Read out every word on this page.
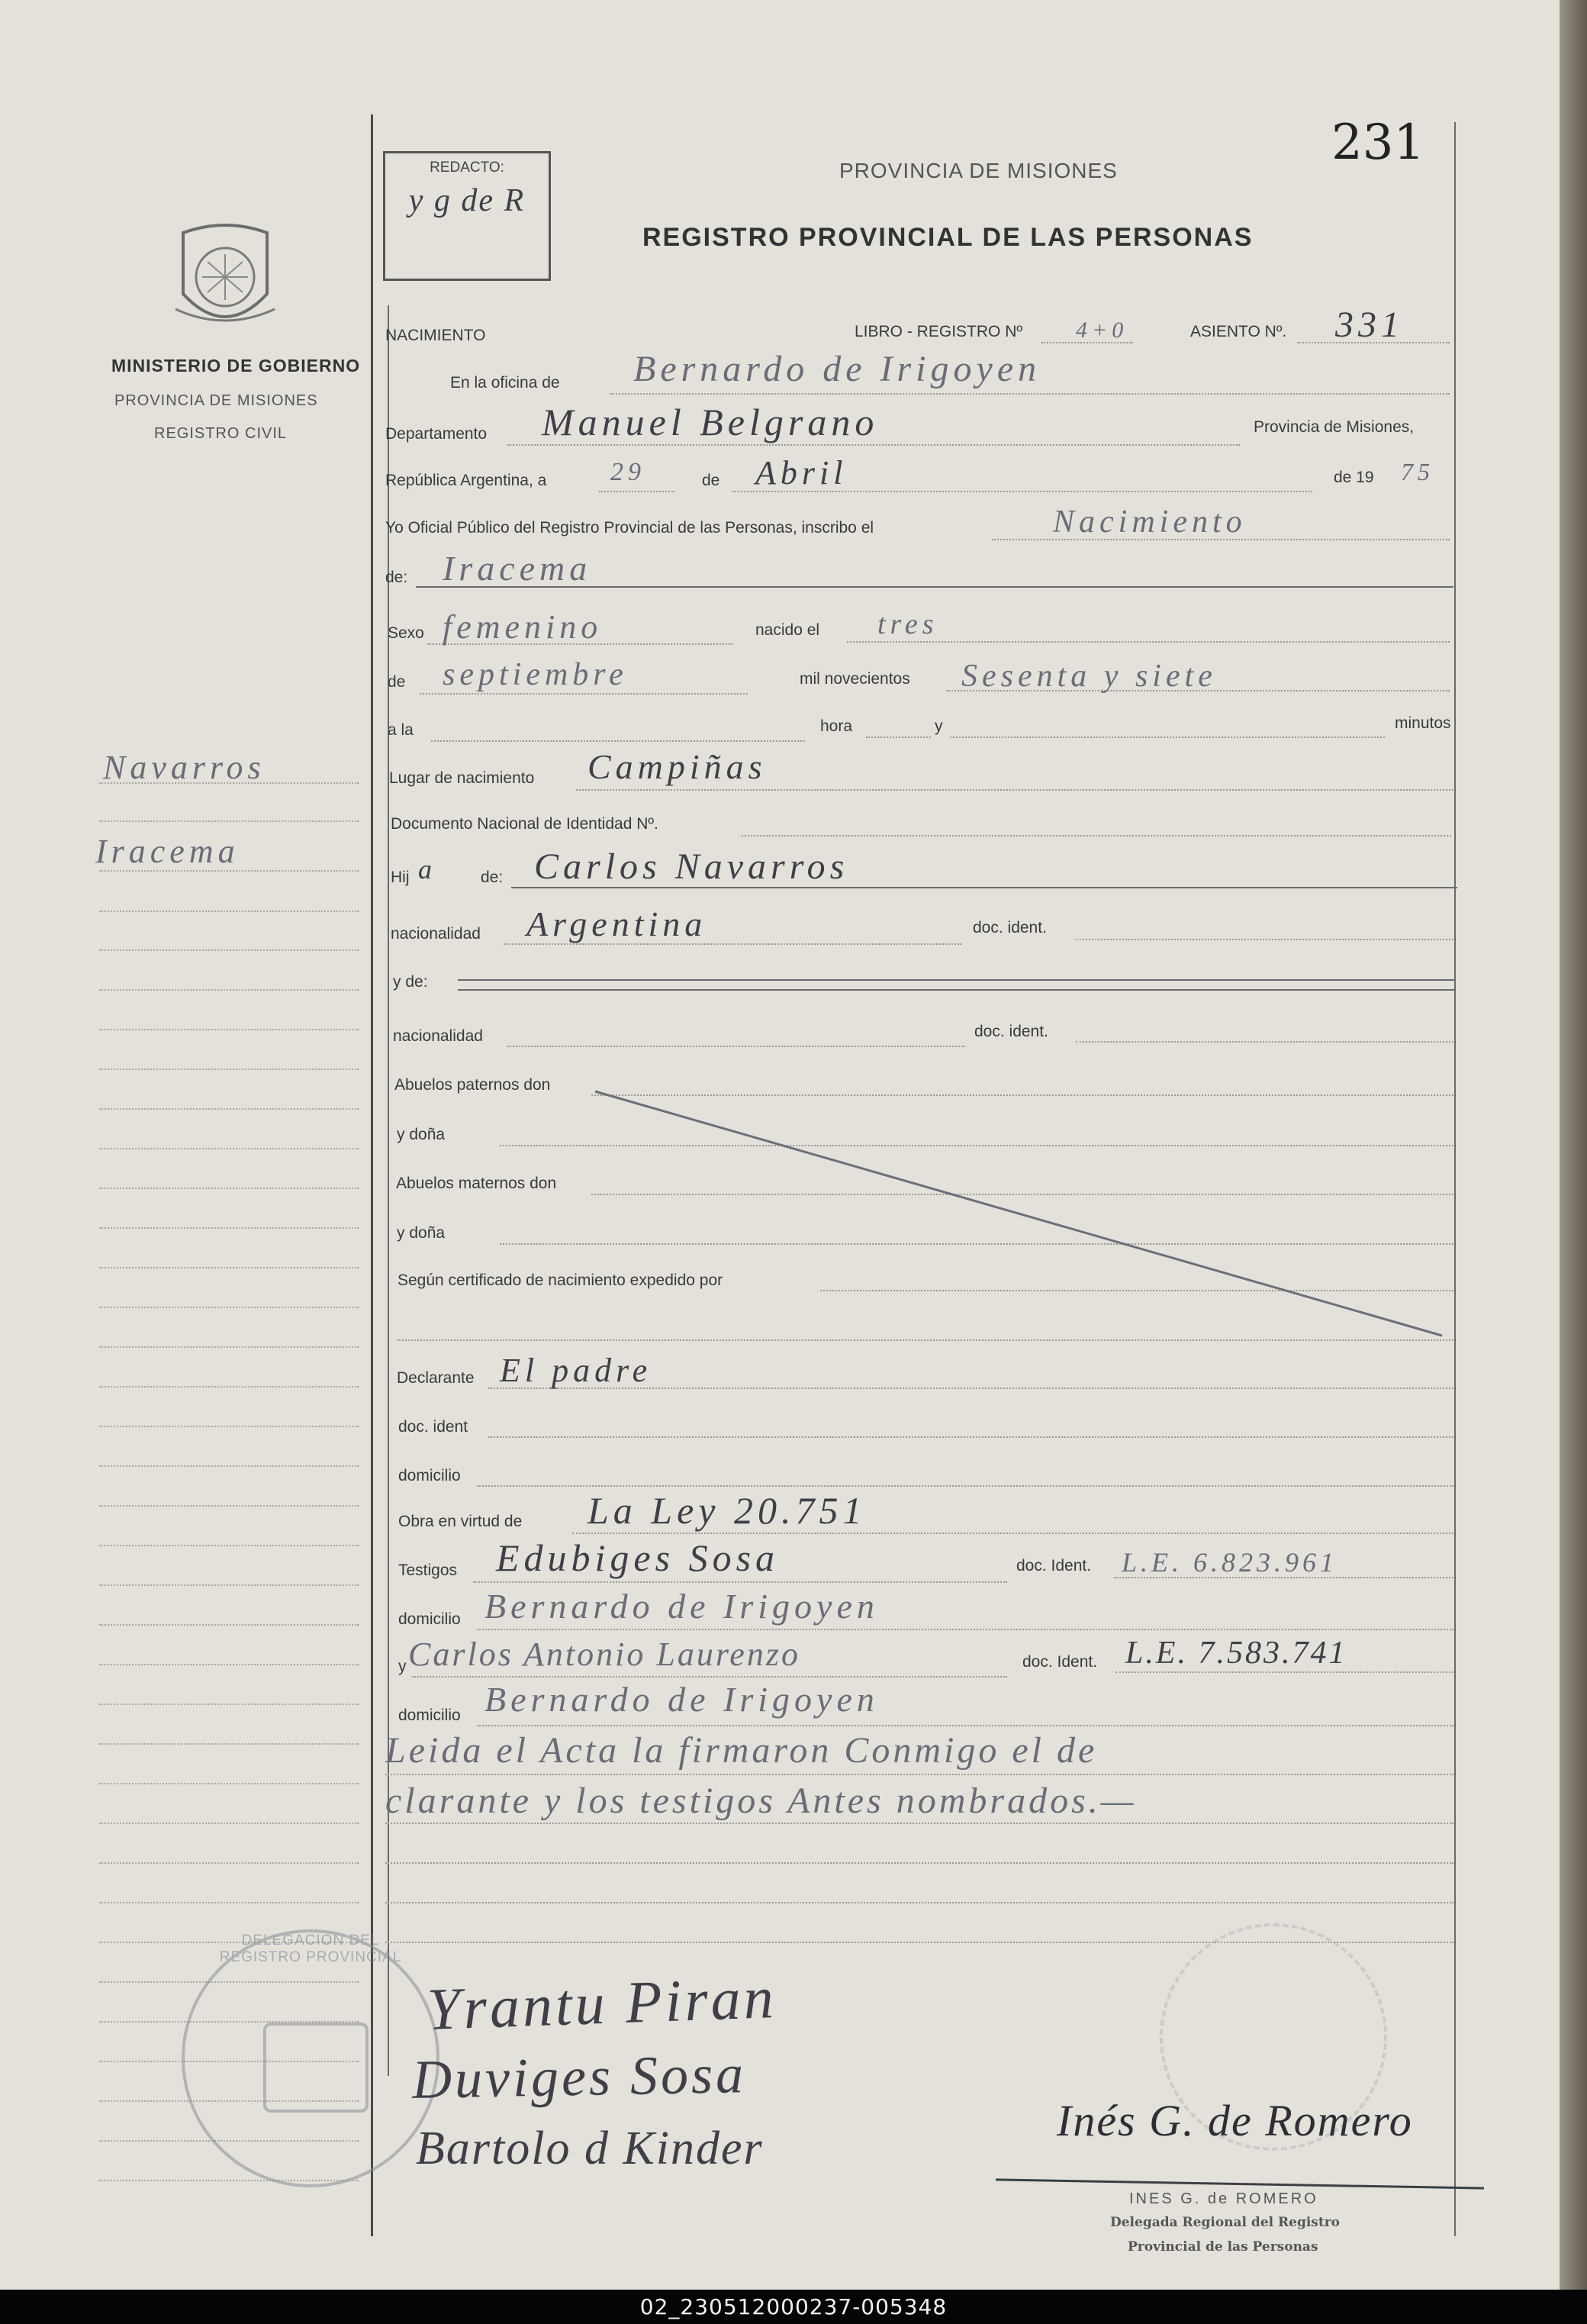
231
REDACTO:
y g de R
PROVINCIA DE MISIONES
REGISTRO PROVINCIAL DE LAS PERSONAS
MINISTERIO DE GOBIERNO
PROVINCIA DE MISIONES
REGISTRO CIVIL
Navarros
Iracema
NACIMIENTO	LIBRO - REGISTRO Nº 4+0	ASIENTO Nº. 331
En la oficina de Bernardo de Irigoyen
Departamento Manuel Belgrano	Provincia de Misiones,
República Argentina, a 29	de Abril	de 19 75
Yo Oficial Público del Registro Provincial de las Personas, inscribo el	Nacimiento
de: Iracema
Sexo femenino	nacido el tres
de septiembre	mil novecientos Sesenta y siete
a la	hora	y	minutos
Lugar de nacimiento Campiñas
Documento Nacional de Identidad Nº.
Hij a	de: Carlos Navarros
nacionalidad Argentina	doc. ident.
y de:
nacionalidad	doc. ident.
Abuelos paternos don
y doña
Abuelos maternos don
y doña
Según certificado de nacimiento expedido por
Declarante El padre
doc. ident
domicilio
Obra en virtud de La Ley 20.751
Testigos Edubiges Sosa	doc. Ident. L.E. 6.823.961
domicilio Bernardo de Irigoyen
y Carlos Antonio Laurenzo	doc. Ident. L.E. 7.583.741
domicilio Bernardo de Irigoyen
Leida el Acta la firmaron Conmigo el de
clarante y los testigos Antes nombrados.—
DELEGACION DEL REGISTRO PROVINCIAL
Yrantu Piran
Duviges Sosa
Bartolo d Kinder
Inés G. de Romero
INES G. de ROMERO
Delegada Regional del Registro
Provincial de las Personas
02_230512000237-005348
